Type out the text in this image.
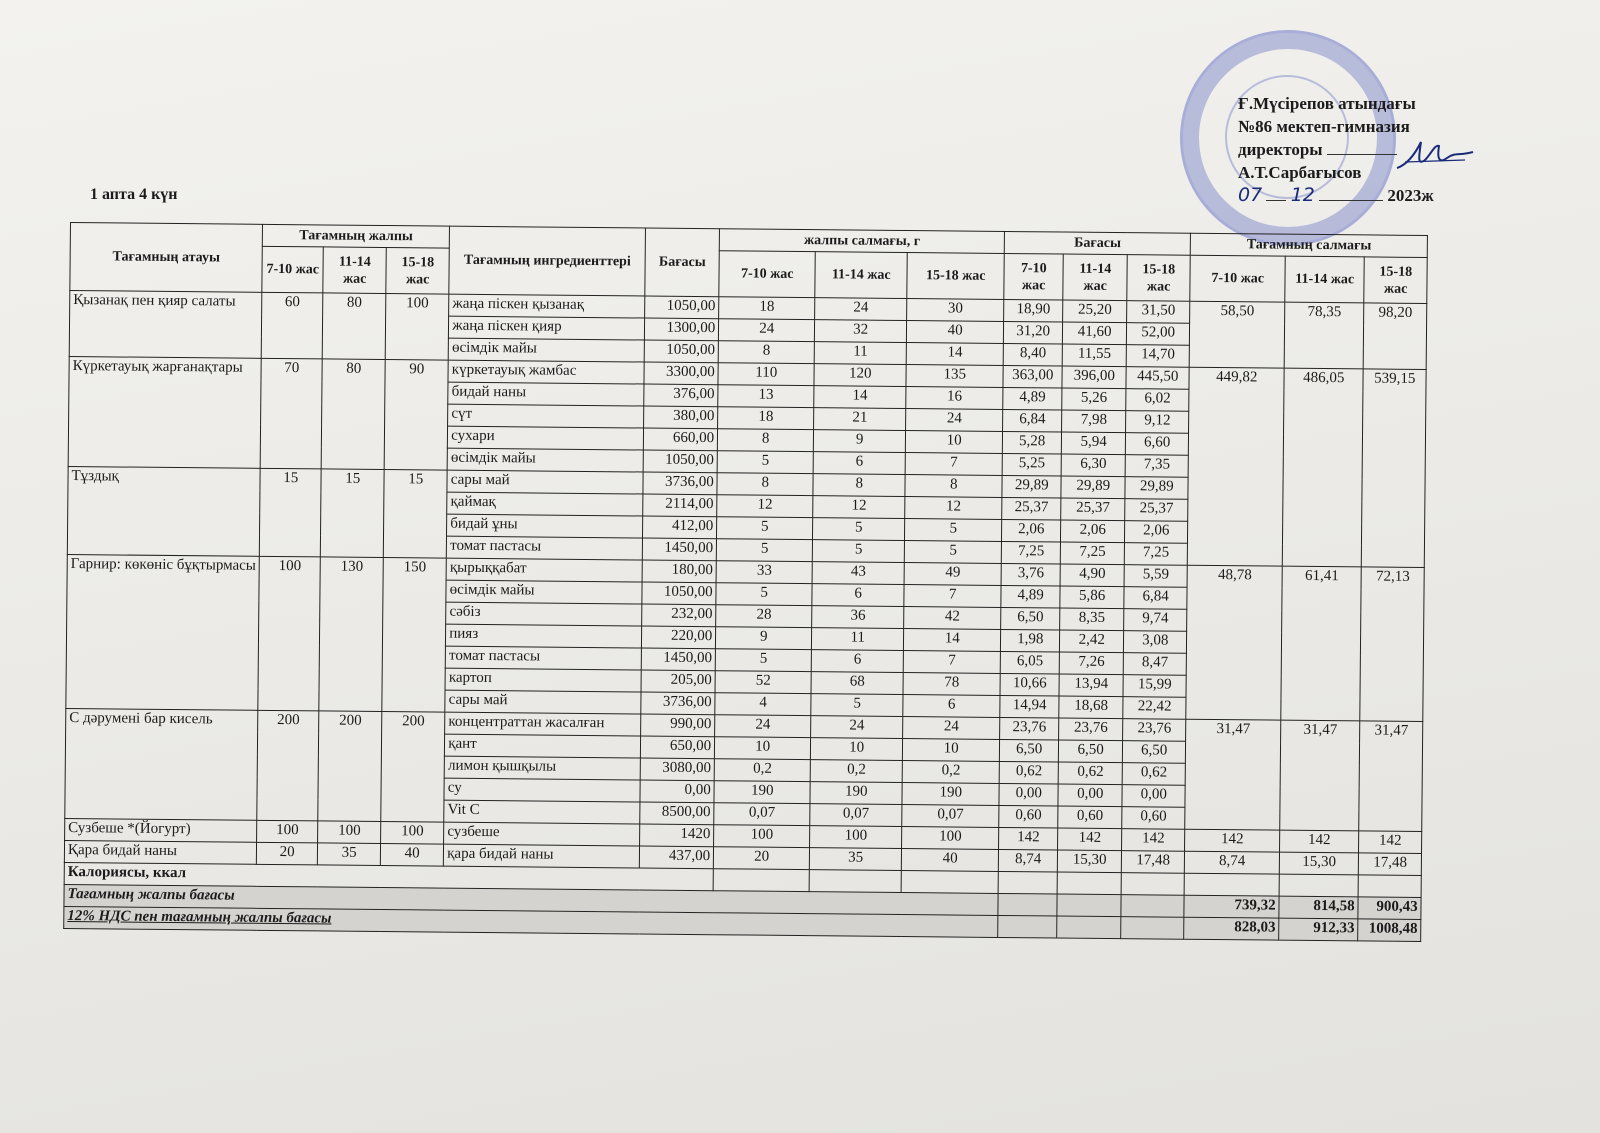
Ғ.Мүсірепов атындағы
№86 мектеп-гимназия
директоры
А.Т.Сарбағысов
07 12	2023ж
1 апта 4 күн
Тағамның атауы	Тағамның жалпы			Тағамның ингредиенттері	Бағасы	жалпы салмағы, г			Бағасы			Тағамның салмағы		
	7-10 жас	11-14 жас	15-18 жас			7-10 жас	11-14 жас	15-18 жас	7-10 жас	11-14 жас	15-18 жас	7-10 жас	11-14 жас	15-18 жас
Қызанақ пен қияр салаты	60	80	100	жаңа піскен қызанақ	1050,00	18	24	30	18,90	25,20	31,50	58,50	78,35	98,20
				жаңа піскен қияр	1300,00	24	32	40	31,20	41,60	52,00			
				өсімдік майы	1050,00	8	11	14	8,40	11,55	14,70			
Күркетауық жарғанақтары	70	80	90	күркетауық жамбас	3300,00	110	120	135	363,00	396,00	445,50	449,82	486,05	539,15
				бидай наны	376,00	13	14	16	4,89	5,26	6,02			
				сүт	380,00	18	21	24	6,84	7,98	9,12			
				сухари	660,00	8	9	10	5,28	5,94	6,60			
				өсімдік майы	1050,00	5	6	7	5,25	6,30	7,35			
Тұздық	15	15	15	сары май	3736,00	8	8	8	29,89	29,89	29,89			
				қаймақ	2114,00	12	12	12	25,37	25,37	25,37			
				бидай ұны	412,00	5	5	5	2,06	2,06	2,06			
				томат пастасы	1450,00	5	5	5	7,25	7,25	7,25			
Гарнир: көкөніс бұқтырмасы	100	130	150	қырыққабат	180,00	33	43	49	3,76	4,90	5,59	48,78	61,41	72,13
				өсімдік майы	1050,00	5	6	7	4,89	5,86	6,84			
				сәбіз	232,00	28	36	42	6,50	8,35	9,74			
				пияз	220,00	9	11	14	1,98	2,42	3,08			
				томат пастасы	1450,00	5	6	7	6,05	7,26	8,47			
				картоп	205,00	52	68	78	10,66	13,94	15,99			
				сары май	3736,00	4	5	6	14,94	18,68	22,42			
С дәрумені бар кисель	200	200	200	концентраттан жасалған	990,00	24	24	24	23,76	23,76	23,76	31,47	31,47	31,47
				қант	650,00	10	10	10	6,50	6,50	6,50			
				лимон қышқылы	3080,00	0,2	0,2	0,2	0,62	0,62	0,62			
				су	0,00	190	190	190	0,00	0,00	0,00			
				Vit C	8500,00	0,07	0,07	0,07	0,60	0,60	0,60			
Сузбеше *(Йогурт)	100	100	100	сузбеше	1420	100	100	100	142	142	142	142	142	142
Қара бидай наны	20	35	40	қара бидай наны	437,00	20	35	40	8,74	15,30	17,48	8,74	15,30	17,48
Калориясы, ккал														
Тағамның жалпы бағасы												739,32	814,58	900,43
12% НДС пен тағамның жалпы бағасы												828,03	912,33	1008,48
